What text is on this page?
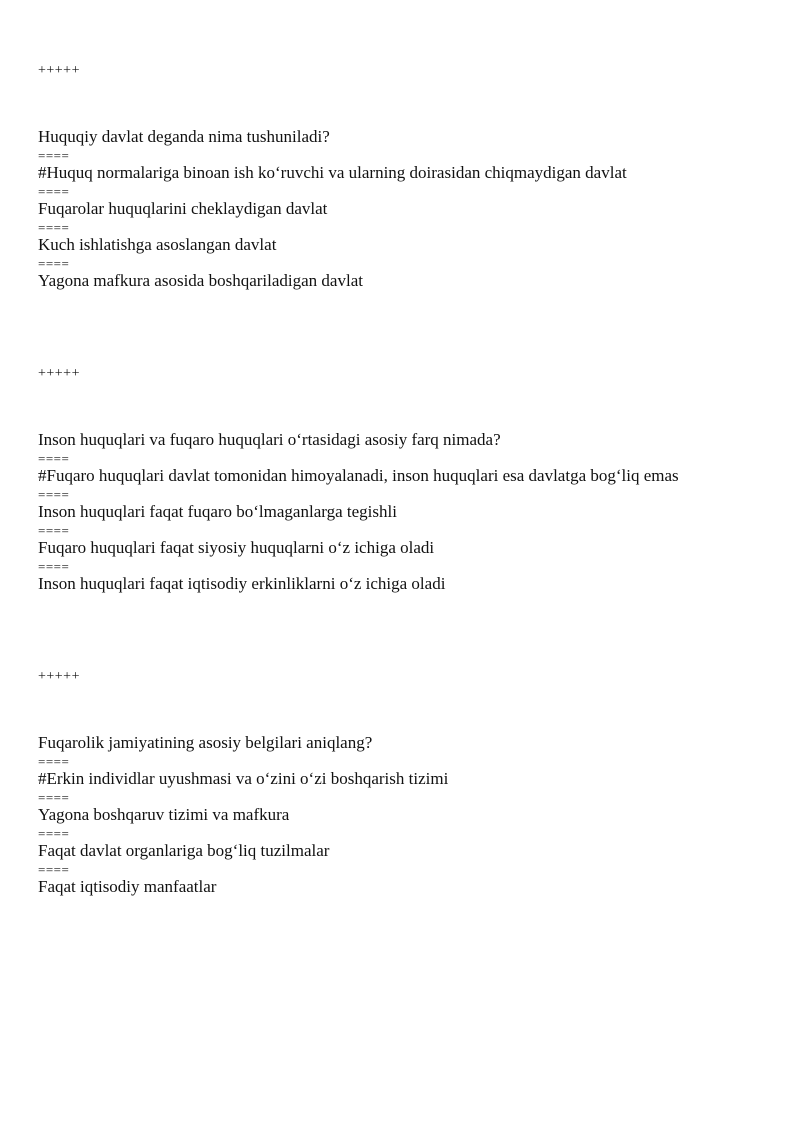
+++++
Huquqiy davlat deganda nima tushuniladi?
====
#Huquq normalariga binoan ish koʻruvchi va ularning doirasidan chiqmaydigan davlat
====
Fuqarolar huquqlarini cheklaydigan davlat
====
Kuch ishlatishga asoslangan davlat
====
Yagona mafkura asosida boshqariladigan davlat
+++++
Inson huquqlari va fuqaro huquqlari oʻrtasidagi asosiy farq nimada?
====
#Fuqaro huquqlari davlat tomonidan himoyalanadi, inson huquqlari esa davlatga bogʻliq emas
====
Inson huquqlari faqat fuqaro boʻlmaganlarga tegishli
====
Fuqaro huquqlari faqat siyosiy huquqlarni oʻz ichiga oladi
====
Inson huquqlari faqat iqtisodiy erkinliklarni oʻz ichiga oladi
+++++
Fuqarolik jamiyatining asosiy belgilari aniqlang?
====
#Erkin individlar uyushmasi va oʻzini oʻzi boshqarish tizimi
====
Yagona boshqaruv tizimi va mafkura
====
Faqat davlat organlariga bogʻliq tuzilmalar
====
Faqat iqtisodiy manfaatlar
